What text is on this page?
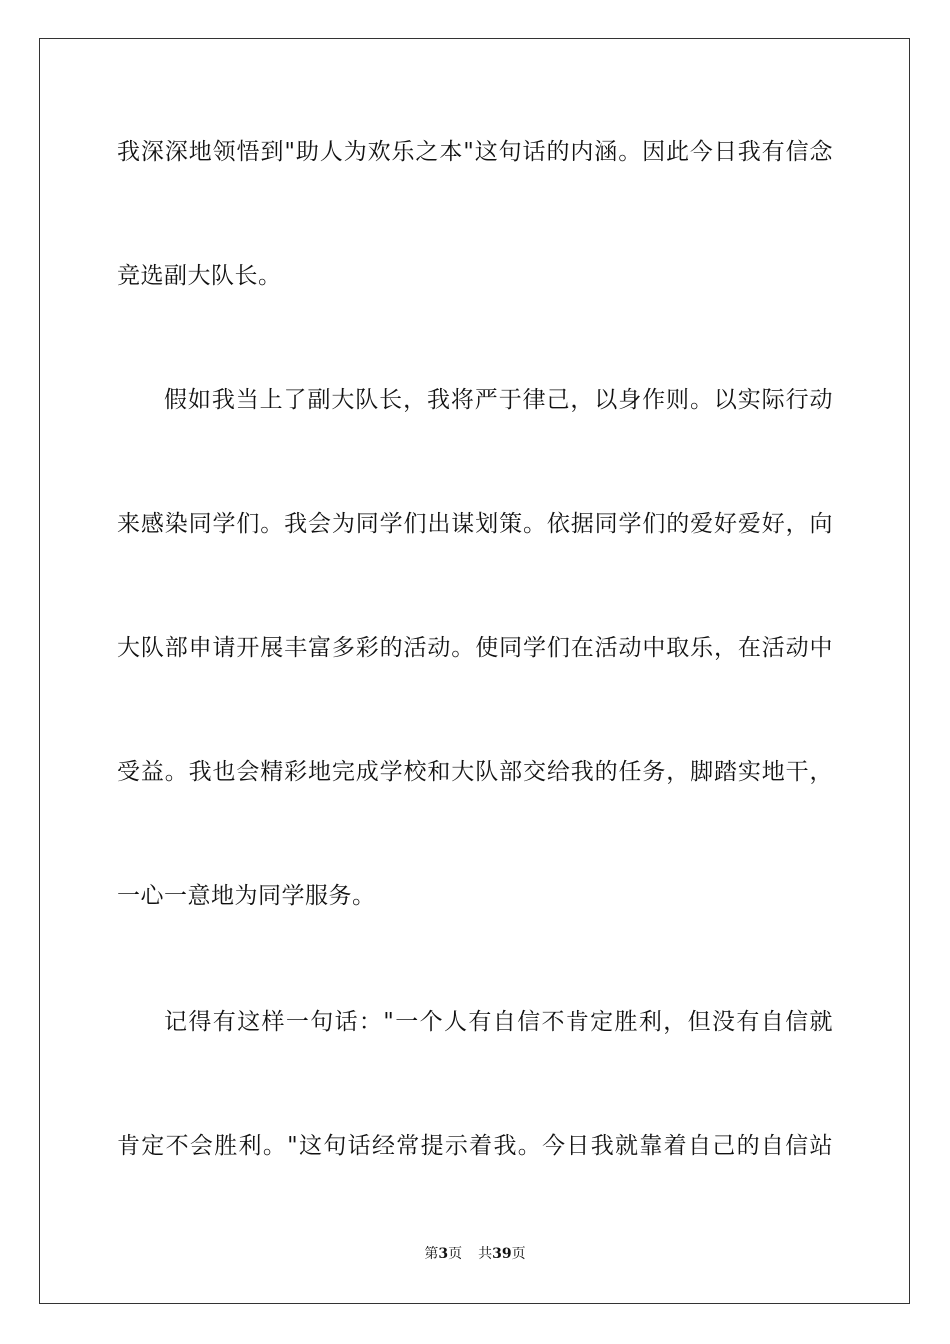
我深深地领悟到"助人为欢乐之本"这句话的内涵。因此今日我有信念
竞选副大队长。
假如我当上了副大队长，我将严于律己，以身作则。以实际行动
来感染同学们。我会为同学们出谋划策。依据同学们的爱好爱好，向
大队部申请开展丰富多彩的活动。使同学们在活动中取乐，在活动中
受益。我也会精彩地完成学校和大队部交给我的任务，脚踏实地干，
一心一意地为同学服务。
记得有这样一句话："一个人有自信不肯定胜利，但没有自信就
肯定不会胜利。"这句话经常提示着我。今日我就靠着自己的自信站
第3页 共39页
